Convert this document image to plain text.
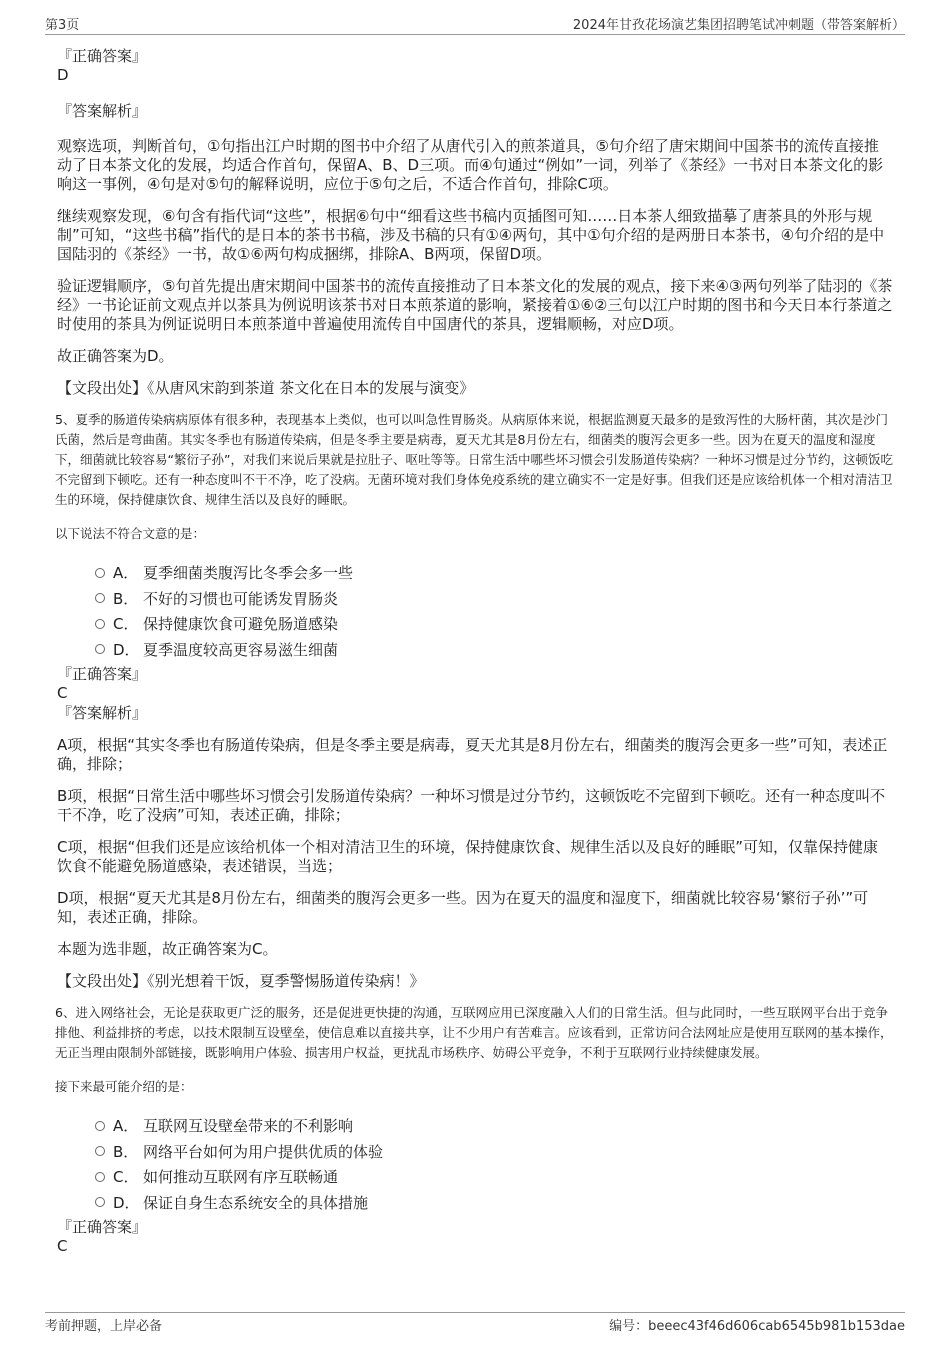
第3页	2024年甘孜花场演艺集团招聘笔试冲刺题（带答案解析）

『正确答案』

D

『答案解析』

观察选项，判断首句，①句指出江户时期的图书中介绍了从唐代引入的煎茶道具，⑤句介绍了唐宋期间中国茶书的流传直接推动了日本茶文化的发展，均适合作首句，保留A、B、D三项。而④句通过“例如”一词，列举了《茶经》一书对日本茶文化的影响这一事例，④句是对⑤句的解释说明，应位于⑤句之后，不适合作首句，排除C项。

继续观察发现，⑥句含有指代词“这些”，根据⑥句中“细看这些书稿内页插图可知……日本茶人细致描摹了唐茶具的外形与规制”可知，“这些书稿”指代的是日本的茶书书稿，涉及书稿的只有①④两句，其中①句介绍的是两册日本茶书，④句介绍的是中国陆羽的《茶经》一书，故①⑥两句构成捆绑，排除A、B两项，保留D项。

验证逻辑顺序，⑤句首先提出唐宋期间中国茶书的流传直接推动了日本茶文化的发展的观点，接下来④③两句列举了陆羽的《茶经》一书论证前文观点并以茶具为例说明该茶书对日本煎茶道的影响，紧接着①⑥②三句以江户时期的图书和今天日本行茶道之时使用的茶具为例证说明日本煎茶道中普遍使用流传自中国唐代的茶具，逻辑顺畅，对应D项。

故正确答案为D。

【文段出处】《从唐风宋韵到茶道 茶文化在日本的发展与演变》

5、夏季的肠道传染病病原体有很多种，表现基本上类似，也可以叫急性胃肠炎。从病原体来说，根据监测夏天最多的是致泻性的大肠杆菌，其次是沙门氏菌，然后是弯曲菌。其实冬季也有肠道传染病，但是冬季主要是病毒，夏天尤其是8月份左右，细菌类的腹泻会更多一些。因为在夏天的温度和湿度下，细菌就比较容易“繁衍子孙”，对我们来说后果就是拉肚子、呕吐等等。日常生活中哪些坏习惯会引发肠道传染病？一种坏习惯是过分节约，这顿饭吃不完留到下顿吃。还有一种态度叫不干不净，吃了没病。无菌环境对我们身体免疫系统的建立确实不一定是好事。但我们还是应该给机体一个相对清洁卫生的环境，保持健康饮食、规律生活以及良好的睡眠。

以下说法不符合文意的是：

A． 夏季细菌类腹泻比冬季会多一些
B． 不好的习惯也可能诱发胃肠炎
C． 保持健康饮食可避免肠道感染
D． 夏季温度较高更容易滋生细菌

『正确答案』

C

『答案解析』

A项，根据“其实冬季也有肠道传染病，但是冬季主要是病毒，夏天尤其是8月份左右，细菌类的腹泻会更多一些”可知，表述正确，排除；

B项，根据“日常生活中哪些坏习惯会引发肠道传染病？一种坏习惯是过分节约，这顿饭吃不完留到下顿吃。还有一种态度叫不干不净，吃了没病”可知，表述正确，排除；

C项，根据“但我们还是应该给机体一个相对清洁卫生的环境，保持健康饮食、规律生活以及良好的睡眠”可知，仅靠保持健康饮食不能避免肠道感染，表述错误，当选；

D项，根据“夏天尤其是8月份左右，细菌类的腹泻会更多一些。因为在夏天的温度和湿度下，细菌就比较容易‘繁衍子孙’”可知，表述正确，排除。

本题为选非题，故正确答案为C。

【文段出处】《别光想着干饭，夏季警惕肠道传染病！》

6、进入网络社会，无论是获取更广泛的服务，还是促进更快捷的沟通，互联网应用已深度融入人们的日常生活。但与此同时，一些互联网平台出于竞争排他、利益排挤的考虑，以技术限制互设壁垒，使信息难以直接共享，让不少用户有苦难言。应该看到，正常访问合法网址应是使用互联网的基本操作，无正当理由限制外部链接，既影响用户体验、损害用户权益，更扰乱市场秩序、妨碍公平竞争，不利于互联网行业持续健康发展。

接下来最可能介绍的是：

A． 互联网互设壁垒带来的不利影响
B． 网络平台如何为用户提供优质的体验
C． 如何推动互联网有序互联畅通
D． 保证自身生态系统安全的具体措施

『正确答案』

C

考前押题，上岸必备	编号：beeec43f46d606cab6545b981b153dae
